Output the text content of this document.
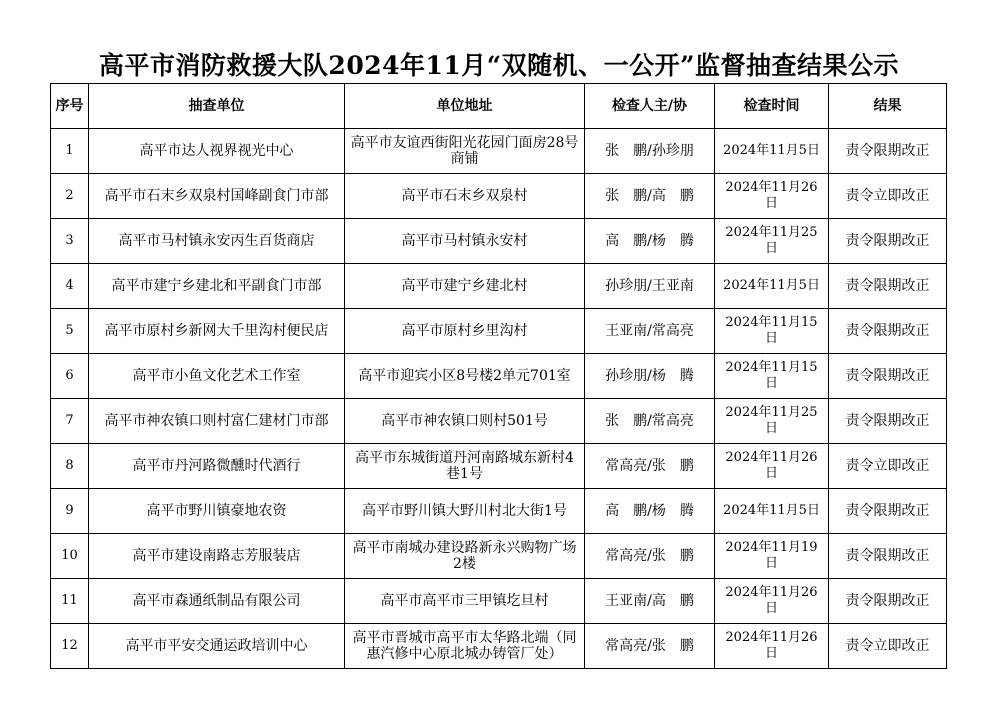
高平市消防救援大队2024年11月“双随机、一公开”监督抽查结果公示
序号	抽查单位	单位地址	检查人主/协	检查时间	结果
1	高平市达人视界视光中心	高平市友谊西街阳光花园门面房28号商铺	张　鹏/孙珍朋	2024年11月5日	责令限期改正
2	高平市石末乡双泉村国峰副食门市部	高平市石末乡双泉村	张　鹏/高　鹏	2024年11月26日	责令立即改正
3	高平市马村镇永安丙生百货商店	高平市马村镇永安村	高　鹏/杨　腾	2024年11月25日	责令限期改正
4	高平市建宁乡建北和平副食门市部	高平市建宁乡建北村	孙珍朋/王亚南	2024年11月5日	责令限期改正
5	高平市原村乡新网大千里沟村便民店	高平市原村乡里沟村	王亚南/常高亮	2024年11月15日	责令限期改正
6	高平市小鱼文化艺术工作室	高平市迎宾小区8号楼2单元701室	孙珍朋/杨　腾	2024年11月15日	责令限期改正
7	高平市神农镇口则村富仁建材门市部	高平市神农镇口则村501号	张　鹏/常高亮	2024年11月25日	责令限期改正
8	高平市丹河路微醺时代酒行	高平市东城街道丹河南路城东新村4巷1号	常高亮/张　鹏	2024年11月26日	责令立即改正
9	高平市野川镇豪地农资	高平市野川镇大野川村北大街1号	高　鹏/杨　腾	2024年11月5日	责令限期改正
10	高平市建设南路志芳服装店	高平市南城办建设路新永兴购物广场2楼	常高亮/张　鹏	2024年11月19日	责令限期改正
11	高平市森通纸制品有限公司	高平市高平市三甲镇圪旦村	王亚南/高　鹏	2024年11月26日	责令限期改正
12	高平市平安交通运政培训中心	高平市晋城市高平市太华路北端（同惠汽修中心原北城办铸管厂处）	常高亮/张　鹏	2024年11月26日	责令立即改正
